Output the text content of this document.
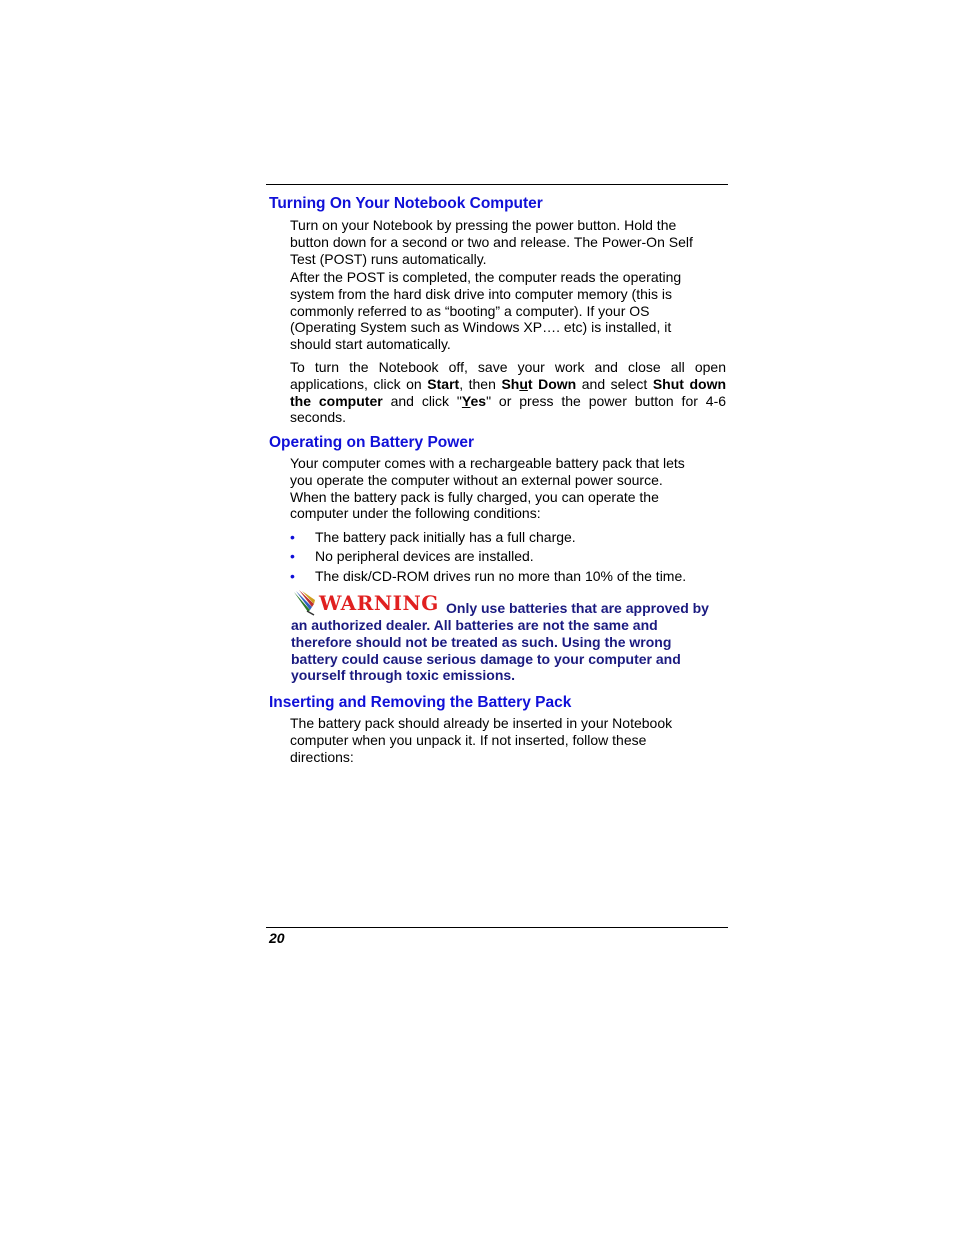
Turning On Your Notebook Computer
Turn on your Notebook by pressing the power button. Hold the
button down for a second or two and release. The Power-On Self
Test (POST) runs automatically.
After the POST is completed, the computer reads the operating
system from the hard disk drive into computer memory (this is
commonly referred to as “booting” a computer). If your OS
(Operating System such as Windows XP…. etc) is installed, it
should start automatically.
To turn the Notebook off, save your work and close all open applications, click on Start, then Shut Down and select Shut down the computer and click "Yes" or press the power button for 4-6 seconds.
Operating on Battery Power
Your computer comes with a rechargeable battery pack that lets
you operate the computer without an external power source.
When the battery pack is fully charged, you can operate the
computer under the following conditions:
• The battery pack initially has a full charge.
• No peripheral devices are installed.
• The disk/CD-ROM drives run no more than 10% of the time.
WARNING Only use batteries that are approved by
an authorized dealer. All batteries are not the same and
therefore should not be treated as such. Using the wrong
battery could cause serious damage to your computer and
yourself through toxic emissions.
Inserting and Removing the Battery Pack
The battery pack should already be inserted in your Notebook
computer when you unpack it. If not inserted, follow these
directions:
20
